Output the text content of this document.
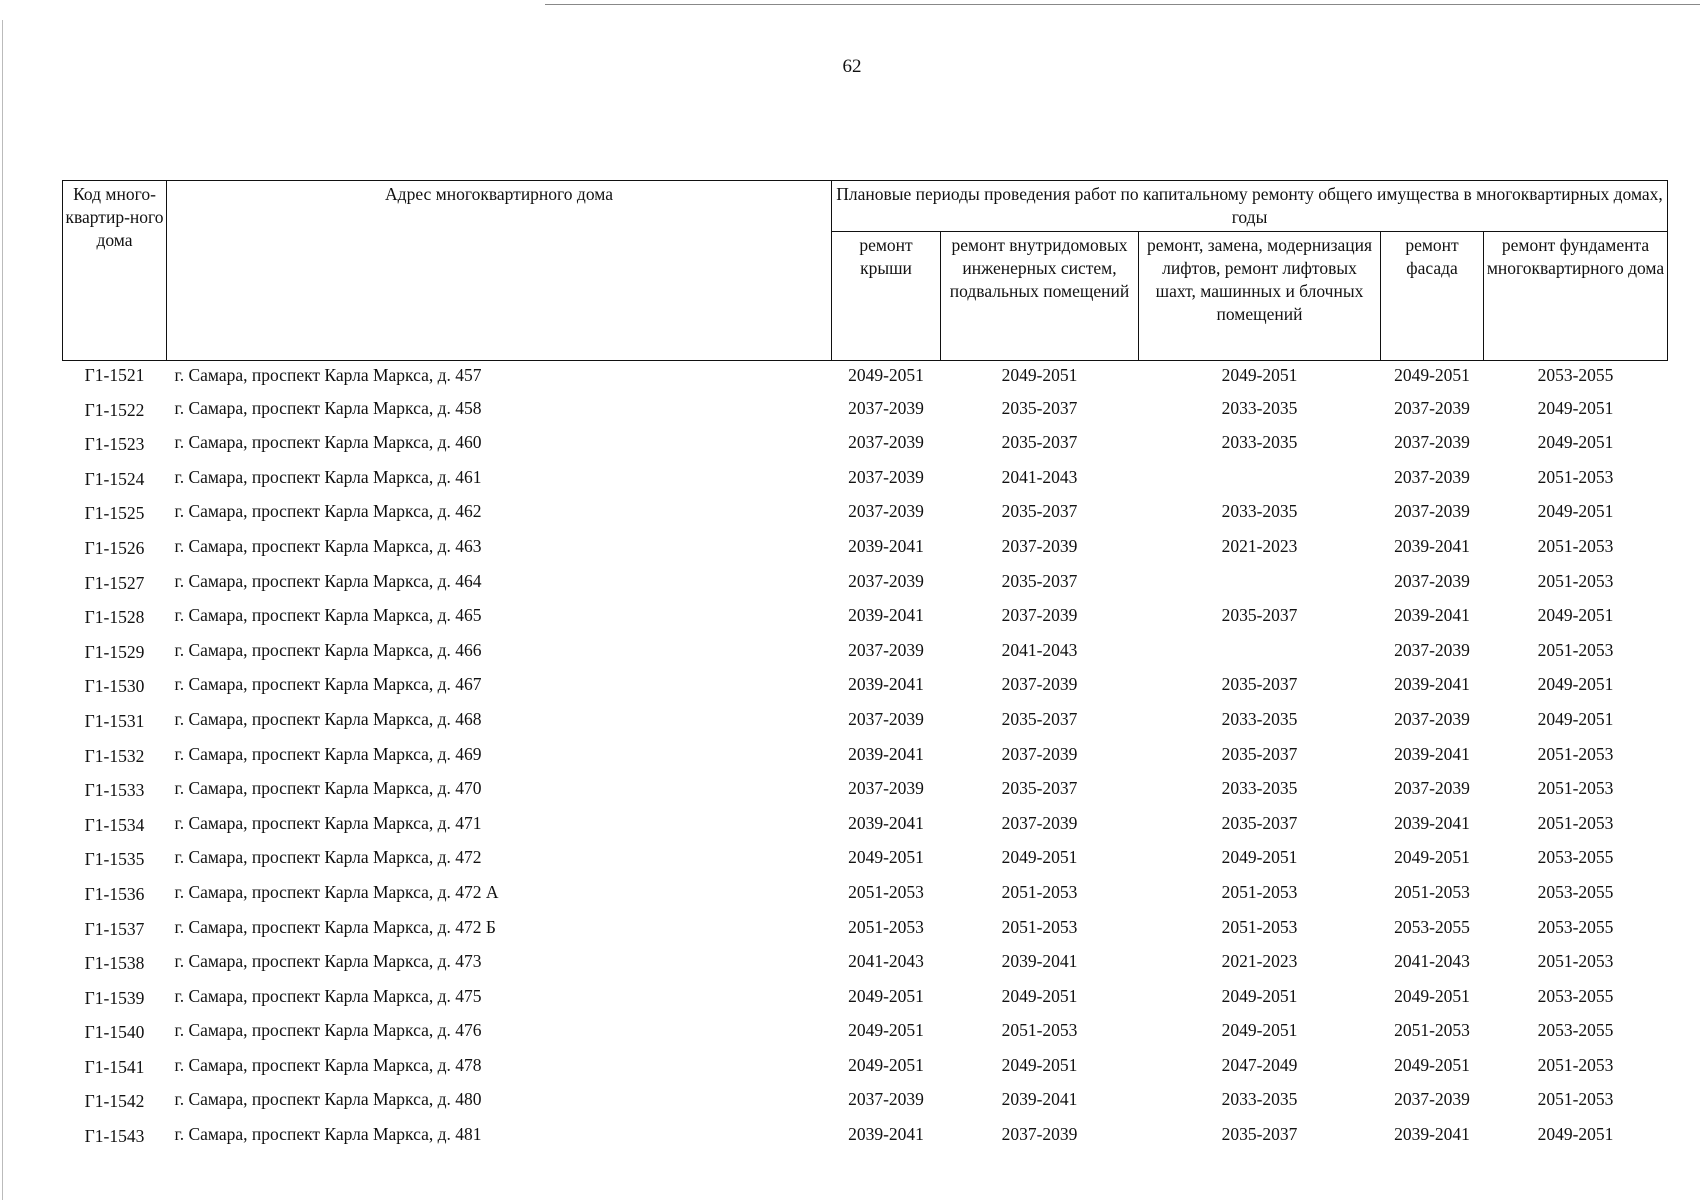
62
Код много-квартир-ного дома	Адрес многоквартирного дома	Плановые периоды проведения работ по капитальному ремонту общего имущества в многоквартирных домах, годы				
		ремонт крыши	ремонт внутридомовых инженерных систем, подвальных помещений	ремонт, замена, модернизация лифтов, ремонт лифтовых шахт, машинных и блочных помещений	ремонт фасада	ремонт фундамента многоквартирного дома
Г1-1521	г. Самара, проспект Карла Маркса, д. 457	2049-2051	2049-2051	2049-2051	2049-2051	2053-2055
Г1-1522	г. Самара, проспект Карла Маркса, д. 458	2037-2039	2035-2037	2033-2035	2037-2039	2049-2051
Г1-1523	г. Самара, проспект Карла Маркса, д. 460	2037-2039	2035-2037	2033-2035	2037-2039	2049-2051
Г1-1524	г. Самара, проспект Карла Маркса, д. 461	2037-2039	2041-2043		2037-2039	2051-2053
Г1-1525	г. Самара, проспект Карла Маркса, д. 462	2037-2039	2035-2037	2033-2035	2037-2039	2049-2051
Г1-1526	г. Самара, проспект Карла Маркса, д. 463	2039-2041	2037-2039	2021-2023	2039-2041	2051-2053
Г1-1527	г. Самара, проспект Карла Маркса, д. 464	2037-2039	2035-2037		2037-2039	2051-2053
Г1-1528	г. Самара, проспект Карла Маркса, д. 465	2039-2041	2037-2039	2035-2037	2039-2041	2049-2051
Г1-1529	г. Самара, проспект Карла Маркса, д. 466	2037-2039	2041-2043		2037-2039	2051-2053
Г1-1530	г. Самара, проспект Карла Маркса, д. 467	2039-2041	2037-2039	2035-2037	2039-2041	2049-2051
Г1-1531	г. Самара, проспект Карла Маркса, д. 468	2037-2039	2035-2037	2033-2035	2037-2039	2049-2051
Г1-1532	г. Самара, проспект Карла Маркса, д. 469	2039-2041	2037-2039	2035-2037	2039-2041	2051-2053
Г1-1533	г. Самара, проспект Карла Маркса, д. 470	2037-2039	2035-2037	2033-2035	2037-2039	2051-2053
Г1-1534	г. Самара, проспект Карла Маркса, д. 471	2039-2041	2037-2039	2035-2037	2039-2041	2051-2053
Г1-1535	г. Самара, проспект Карла Маркса, д. 472	2049-2051	2049-2051	2049-2051	2049-2051	2053-2055
Г1-1536	г. Самара, проспект Карла Маркса, д. 472 А	2051-2053	2051-2053	2051-2053	2051-2053	2053-2055
Г1-1537	г. Самара, проспект Карла Маркса, д. 472 Б	2051-2053	2051-2053	2051-2053	2053-2055	2053-2055
Г1-1538	г. Самара, проспект Карла Маркса, д. 473	2041-2043	2039-2041	2021-2023	2041-2043	2051-2053
Г1-1539	г. Самара, проспект Карла Маркса, д. 475	2049-2051	2049-2051	2049-2051	2049-2051	2053-2055
Г1-1540	г. Самара, проспект Карла Маркса, д. 476	2049-2051	2051-2053	2049-2051	2051-2053	2053-2055
Г1-1541	г. Самара, проспект Карла Маркса, д. 478	2049-2051	2049-2051	2047-2049	2049-2051	2051-2053
Г1-1542	г. Самара, проспект Карла Маркса, д. 480	2037-2039	2039-2041	2033-2035	2037-2039	2051-2053
Г1-1543	г. Самара, проспект Карла Маркса, д. 481	2039-2041	2037-2039	2035-2037	2039-2041	2049-2051
